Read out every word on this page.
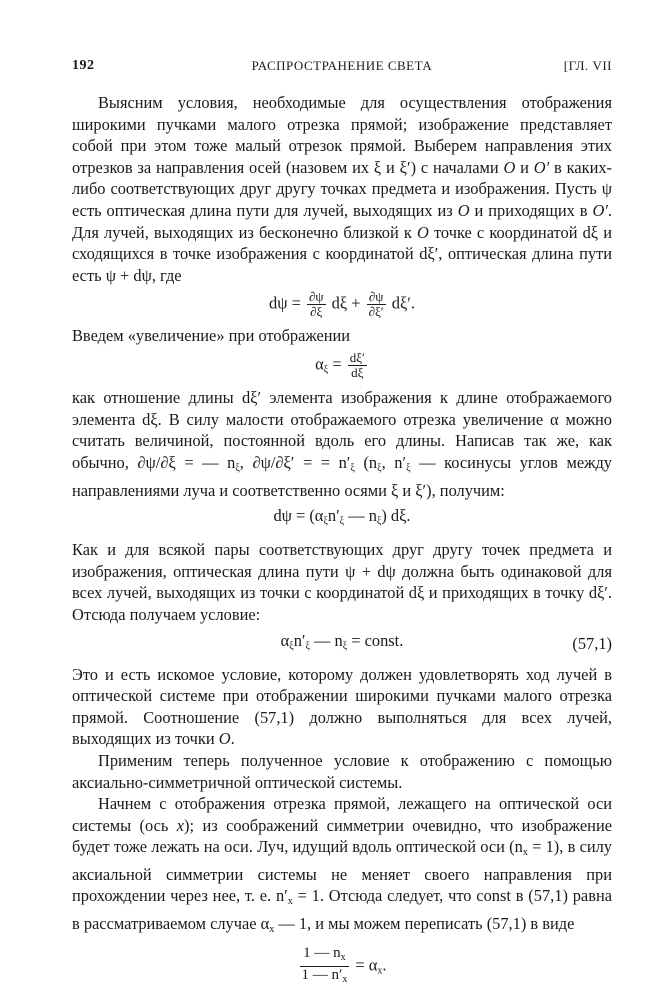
192	РАСПРОСТРАНЕНИЕ СВЕТА	[ГЛ. VII

Выясним условия, необходимые для осуществления отображения широкими пучками малого отрезка прямой; изображение представляет собой при этом тоже малый отрезок прямой. Выберем направления этих отрезков за направления осей (назовем их ξ и ξ′) с началами O и O′ в каких-либо соответствующих друг другу точках предмета и изображения. Пусть ψ есть оптическая длина пути для лучей, выходящих из O и приходящих в O′. Для лучей, выходящих из бесконечно близкой к O точке с координатой dξ и сходящихся в точке изображения с координатой dξ′, оптическая длина пути есть ψ + dψ, где

$d\psi = \frac{\partial\psi}{\partial\xi}$ $d\xi + \frac{\partial\psi}{\partial\xi'} d\xi'$.

Введем «увеличение» при отображении

$\alpha_\xi = \frac{d\xi'}{d\xi}$

как отношение длины dξ′ элемента изображения к длине отображаемого элемента dξ. В силу малости отображаемого отрезка увеличение α можно считать величиной, постоянной вдоль его длины. Написав так же, как обычно, ∂ψ/∂ξ = — $n_\xi$, ∂ψ/∂ξ′ = = $n'_\xi$ ($n_\xi$, $n'_\xi$ — косинусы углов между направлениями луча и соответственно осями ξ и ξ′), получим:

$d\psi = (\alpha_\xi n'_\xi$ — $n_\xi$) dξ.

Как и для всякой пары соответствующих друг другу точек предмета и изображения, оптическая длина пути ψ + dψ должна быть одинаковой для всех лучей, выходящих из точки с координатой dξ и приходящих в точку dξ′. Отсюда получаем условие:

$\alpha_\xi n'_\xi$ — $n_\xi$ = const.	(57,1)

Это и есть искомое условие, которому должен удовлетворять ход лучей в оптической системе при отображении широкими пучками малого отрезка прямой. Соотношение (57,1) должно выполняться для всех лучей, выходящих из точки O.

Применим теперь полученное условие к отображению с помощью аксиально-симметричной оптической системы.

Начнем с отображения отрезка прямой, лежащего на оптической оси системы (ось x); из соображений симметрии очевидно, что изображение будет тоже лежать на оси. Луч, идущий вдоль оптической оси $(n_x = 1)$, в силу аксиальной симметрии системы не меняет своего направления при прохождении через нее, т. е. $n'_x = 1$. Отсюда следует, что const в (57,1) равна в рассматриваемом случае $\alpha_x$ — 1, и мы можем переписать (57,1) в виде

$\frac{1 — n_x}{1 — n'_x} = \alpha_x$.
